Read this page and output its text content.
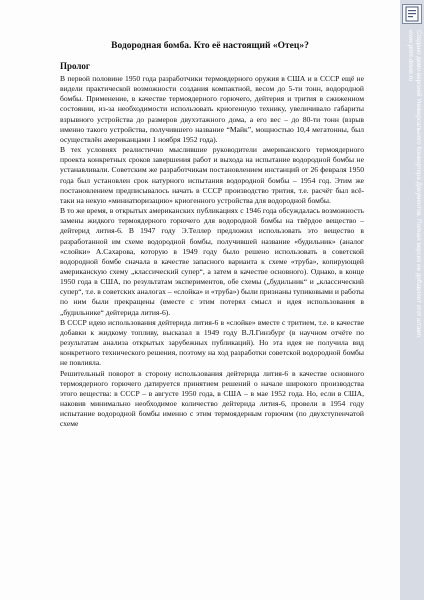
Водородная бомба. Кто её настоящий «Отец»?
Пролог

В первой половине 1950 года разработчики термоядерного оружия в США и в СССР ещё не видели практической возможности создания компактной, весом до 5-ти тонн, водородной бомбы. Применение, в качестве термоядерного горючего, дейтерия и трития в сжиженном состоянии, из-за необходимости использовать криогенную технику, увеличивало габариты взрывного устройства до размеров двухэтажного дома, а его вес – до 80-ти тонн (взрыв именно такого устройства, получившего название “Майк”, мощностью 10,4 мегатонны, был осуществлён американцами 1 ноября 1952 года).

В тех условиях реалистично мыслившие руководители американского термоядерного проекта конкретных сроков завершения работ и выхода на испытание водородной бомбы не устанавливали. Советским же разработчикам постановлением инстанций от 26 февраля 1950 года был установлен срок натурного испытания водородной бомбы – 1954 год. Этим же постановлением предписывалось начать в СССР производство трития, т.е. расчёт был всё-таки на некую «миниатюризацию» криогенного устройства для водородной бомбы.

В то же время, в открытых американских публикациях с 1946 года обсуждалась возможность замены жидкого термоядерного горючего для водородной бомбы на твёрдое вещество – дейтерид лития-6. В 1947 году Э.Теллер предложил использовать это вещество в разработанной им схеме водородной бомбы, получившей название «будильник» (аналог «слойки» А.Сахарова, которую в 1949 году было решено использовать в советской водородной бомбе сначала в качестве запасного варианта к схеме «труба», копирующей американскую схему „классический супер“, а затем в качестве основного). Однако, в конце 1950 года в США, по результатам экспериментов, обе схемы („будильник“ и „классический супер“, т.е. в советских аналогах – «слойка» и «труба») были признаны тупиковыми и работы по ним были прекращены (вместе с этим потерял смысл и идея использования в „будильнике“ дейтерида лития-6).

В СССР идею использования дейтерида лития-6 в «слойке» вместе с тритием, т.е. в качестве добавки к жидкому топливу, высказал в 1949 году В.Л.Гинзбург (в научном отчёте по результатам анализа открытых зарубежных публикаций). Но эта идея не получила вид конкретного технического решения, поэтому на ход разработки советской водородной бомбы не повлияла.

Решительный поворот в сторону использования дейтерида лития-6 в качестве основного термоядерного горючего датируется принятием решений о начале широкого производства этого вещества: в СССР – в августе 1950 года, в США – в мае 1952 года. Но, если в США, наковив минимально необходимое количество дейтерида лития-6, провели в 1954 году испытание водородной бомбы именно с этим термоядерным горючим (по двухступенчатой схеме

Создано демо-версией Универсального Конвертера Документов. Полная версия не добавляет этот штамп.
www.print-driver.ru
